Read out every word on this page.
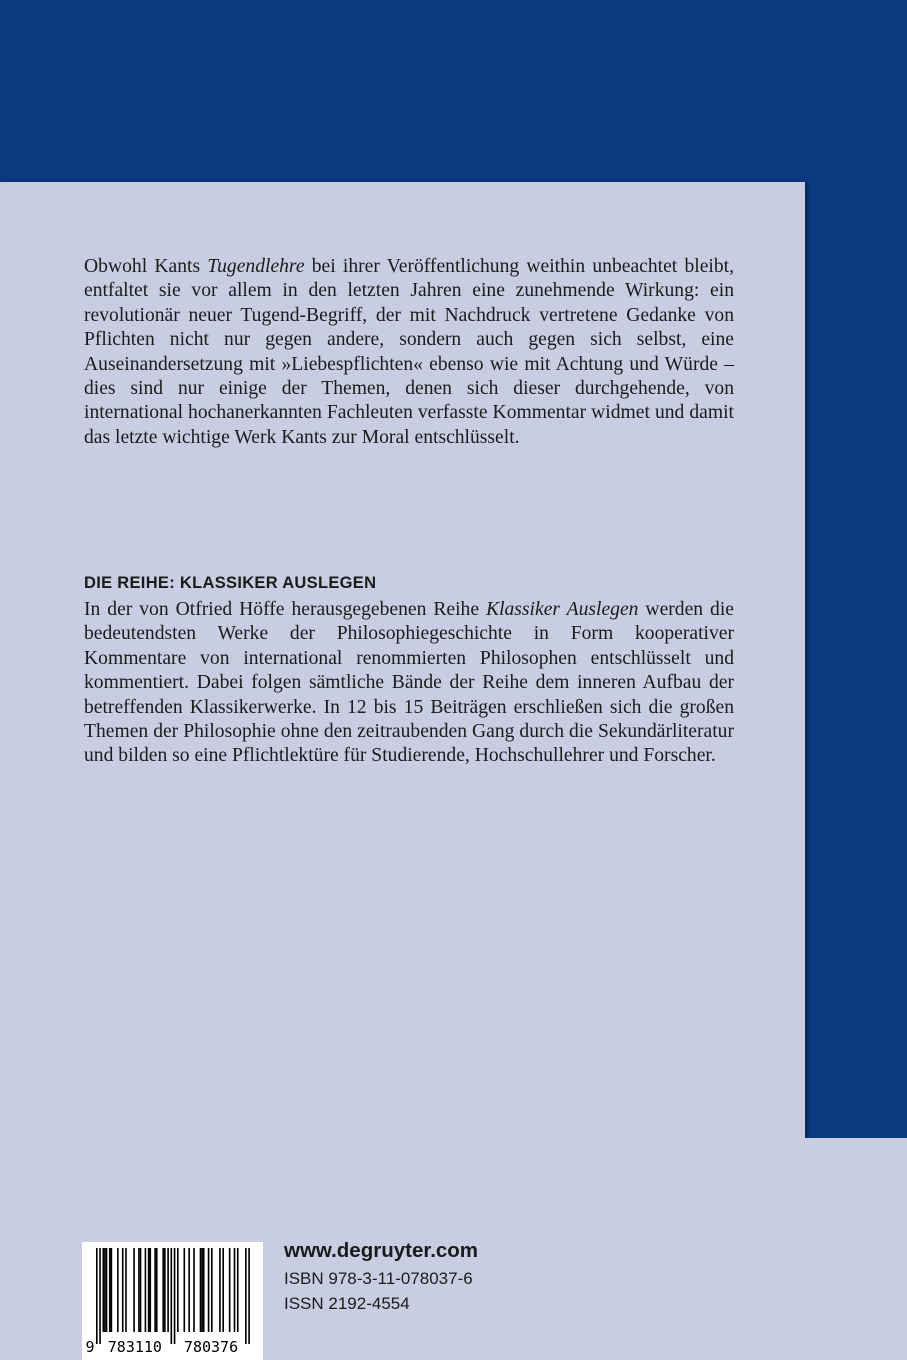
Obwohl Kants Tugendlehre bei ihrer Veröffentlichung weithin unbeachtet bleibt, entfaltet sie vor allem in den letzten Jahren eine zunehmende Wirkung: ein revolutionär neuer Tugend-Begriff, der mit Nachdruck vertretene Gedanke von Pflichten nicht nur gegen andere, sondern auch gegen sich selbst, eine Auseinandersetzung mit »Liebespflichten« ebenso wie mit Achtung und Würde – dies sind nur einige der Themen, denen sich dieser durchgehende, von international hochanerkannten Fachleuten verfasste Kommentar widmet und damit das letzte wichtige Werk Kants zur Moral entschlüsselt.

DIE REIHE: KLASSIKER AUSLEGEN

In der von Otfried Höffe herausgegebenen Reihe Klassiker Auslegen werden die bedeutendsten Werke der Philosophiegeschichte in Form kooperativer Kommentare von international renommierten Philosophen entschlüsselt und kommentiert. Dabei folgen sämtliche Bände der Reihe dem inneren Aufbau der betreffenden Klassikerwerke. In 12 bis 15 Beiträgen erschließen sich die großen Themen der Philosophie ohne den zeitraubenden Gang durch die Sekundärliteratur und bilden so eine Pflichtlektüre für Studierende, Hochschullehrer und Forscher.

9 783110 780376
www.degruyter.com
ISBN 978-3-11-078037-6
ISSN 2192-4554
